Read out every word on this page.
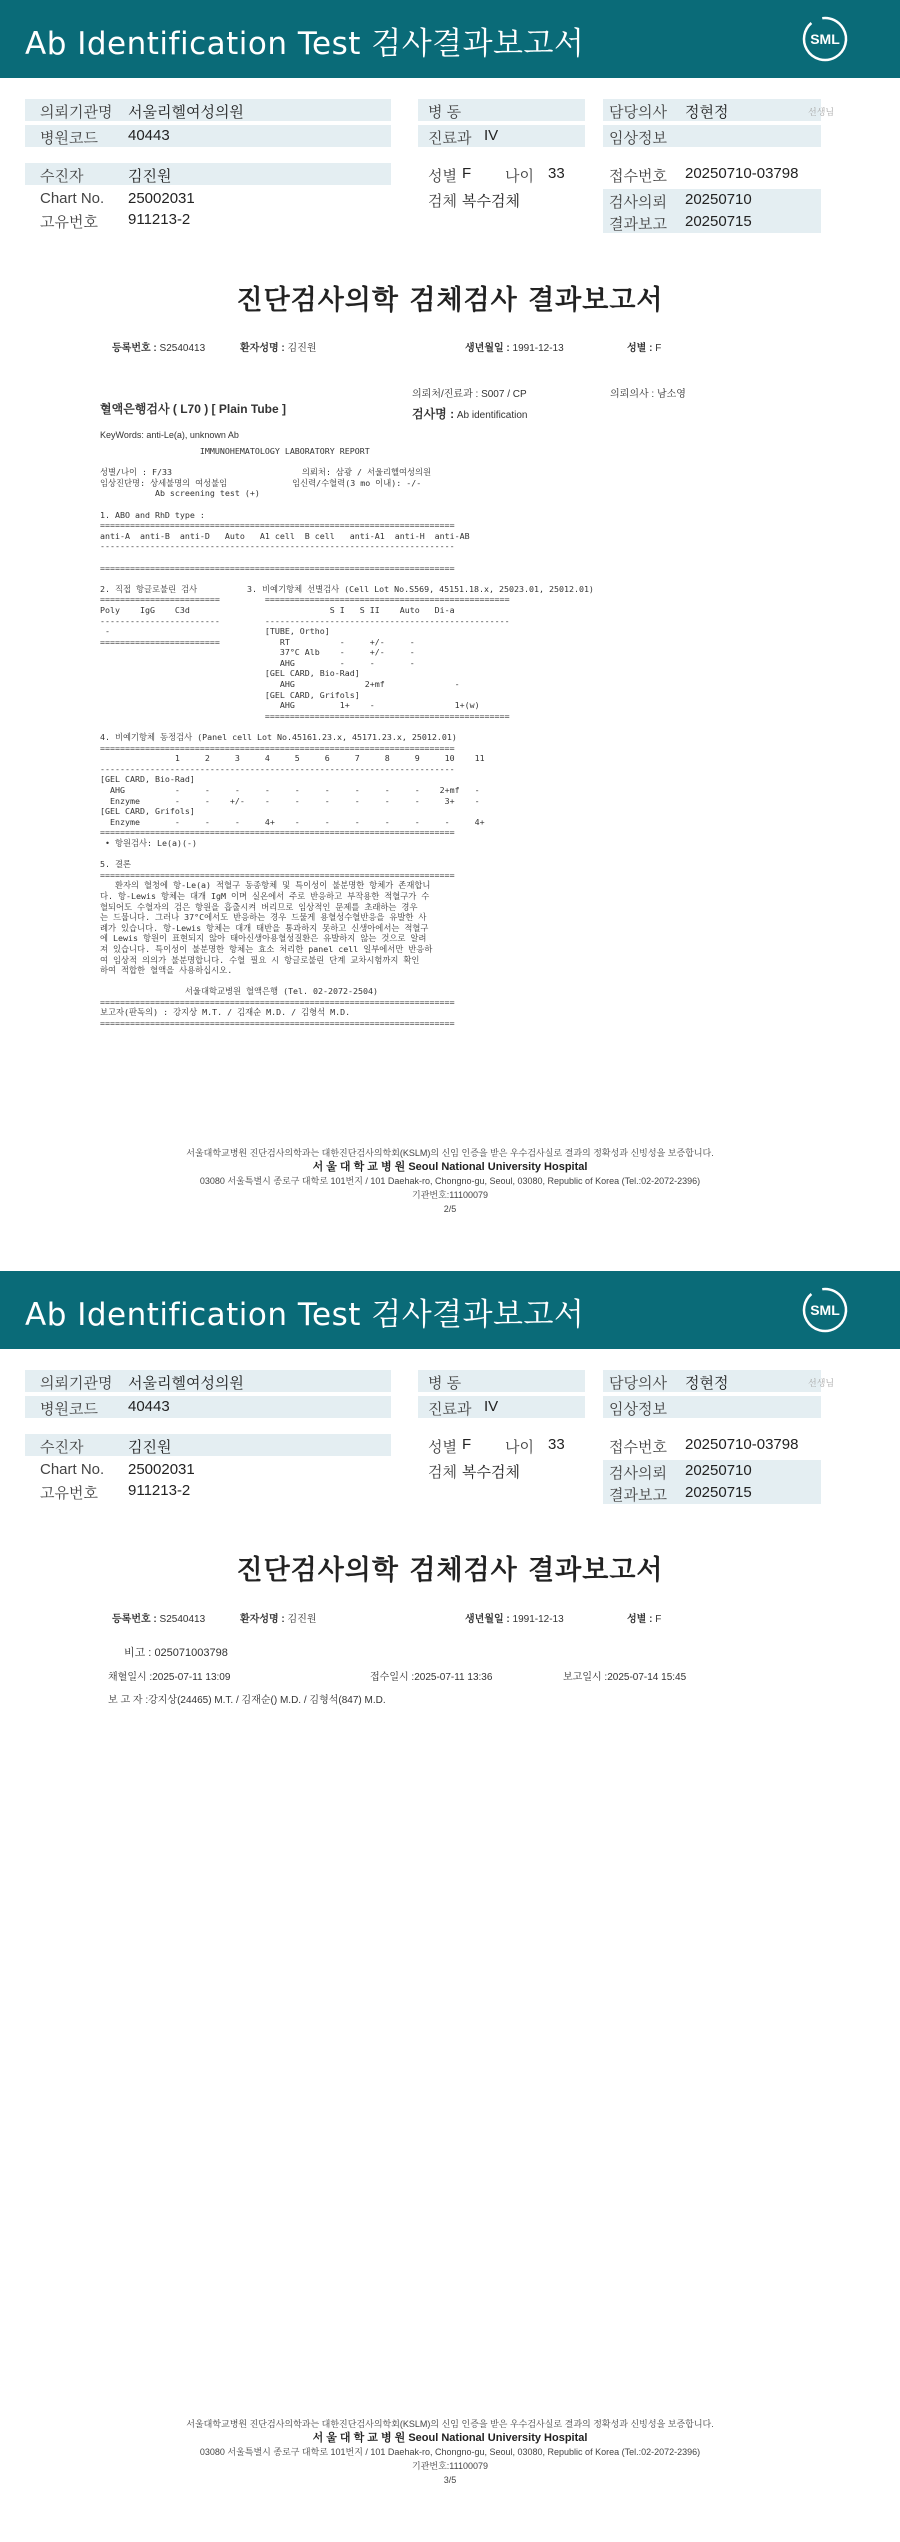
Ab Identification Test 검사결과보고서	SML
의뢰기관명 서울리헬여성의원
병원코드 40443
병 동
진료과 IV
담당의사 정현정	선생님
임상정보
수진자	김진원
Chart No. 25002031
고유번호 911213-2
성별 F 나이 33
검체 복수검체
접수번호 20250710-03798
검사의뢰 20250710
결과보고 20250715
진단검사의학 검체검사 결과보고서
등록번호 : S2540413	환자성명 : 김진원	생년월일 : 1991-12-13	성별 : F
의뢰처/진료과 : S007 / CP	의뢰의사 : 남소영
혈액은행검사 ( L70 ) [ Plain Tube ]	검사명 : Ab identification
KeyWords: anti-Le(a), unknown Ab
IMMUNOHEMATOLOGY LABORATORY REPORT

성별/나이 : F/33                          의뢰처: 삼광 / 서울리헬여성의원
임상진단명: 상세불명의 여성불임             임신력/수혈력(3 mo 이내): -/-
Ab screening test (+)

1. ABO and RhD type :
=======================================================================
anti-A  anti-B  anti-D   Auto   A1 cell  B cell   anti-A1  anti-H  anti-AB
-----------------------------------------------------------------------

=======================================================================

2. 직접 항글로불린 검사          3. 비예기항체 선별검사 (Cell Lot No.S569, 45151.18.x, 25023.01, 25012.01)
========================         =================================================
Poly    IgG    C3d                            S I   S II    Auto   Di-a
------------------------         -------------------------------------------------
-                               [TUBE, Ortho]
========================            RT          -     +/-     -
37°C Alb    -     +/-     -
AHG         -     -       -
[GEL CARD, Bio-Rad]
AHG              2+mf              -
[GEL CARD, Grifols]
AHG         1+    -                1+(w)
=================================================

4. 비예기항체 동정검사 (Panel cell Lot No.45161.23.x, 45171.23.x, 25012.01)
=======================================================================
1     2     3     4     5     6     7     8     9     10    11
-----------------------------------------------------------------------
[GEL CARD, Bio-Rad]
AHG          -     -     -     -     -     -     -     -     -    2+mf   -
Enzyme       -     -    +/-    -     -     -     -     -     -     3+    -
[GEL CARD, Grifols]
Enzyme       -     -     -     4+    -     -     -     -     -     -     4+
=======================================================================
• 항원검사: Le(a)(-)

5. 결론
=======================================================================
환자의 혈청에 항-Le(a) 적혈구 동종항체 및 특이성이 불분명한 항체가 존재합니
다. 항-Lewis 항체는 대개 IgM 이며 실온에서 주로 반응하고 부작용한 적혈구가 수
혈되어도 수혈자의 검은 항원을 흡출시켜 버리므로 임상적인 문제를 초래하는 경우
는 드뭅니다. 그러나 37°C에서도 반응하는 경우 드물게 용혈성수혈반응을 유발한 사
례가 있습니다. 항-Lewis 항체는 대개 태반을 통과하지 못하고 신생아에서는 적혈구
에 Lewis 항원이 표현되지 않아 태아신생아용혈성질환은 유발하지 않는 것으로 알려
져 있습니다. 특이성이 불분명한 항체는 효소 처리한 panel cell 일부에서만 반응하
여 임상적 의의가 불분명합니다. 수혈 필요 시 항글로불린 단계 교차시험까지 확인
하여 적합한 혈액을 사용하십시오.

서울대학교병원 혈액은행 (Tel. 02-2072-2504)
=======================================================================
보고자(판독의) : 강지상 M.T. / 김재순 M.D. / 김형석 M.D.
=======================================================================
서울대학교병원 진단검사의학과는 대한진단검사의학회(KSLM)의 신임 인증을 받은 우수검사실로 결과의 정확성과 신빙성을 보증합니다.
서 울 대 학 교 병 원 Seoul National University Hospital
03080 서울특별시 종로구 대학로 101번지 / 101 Daehak-ro, Chongno-gu, Seoul, 03080, Republic of Korea (Tel.:02-2072-2396)
기관번호:11100079
2/5
Ab Identification Test 검사결과보고서	SML
의뢰기관명 서울리헬여성의원
병원코드 40443
병 동
진료과 IV
담당의사 정현정	선생님
임상정보
수진자	김진원
Chart No. 25002031
고유번호 911213-2
성별 F 나이 33
검체 복수검체
접수번호 20250710-03798
검사의뢰 20250710
결과보고 20250715
진단검사의학 검체검사 결과보고서
등록번호 : S2540413	환자성명 : 김진원	생년월일 : 1991-12-13	성별 : F
비고 : 025071003798
채혈일시 :2025-07-11 13:09	접수일시 :2025-07-11 13:36	보고일시 :2025-07-14 15:45
보 고 자 :강지상(24465) M.T. / 김재순() M.D. / 김형석(847) M.D.
서울대학교병원 진단검사의학과는 대한진단검사의학회(KSLM)의 신임 인증을 받은 우수검사실로 결과의 정확성과 신빙성을 보증합니다.
서 울 대 학 교 병 원 Seoul National University Hospital
03080 서울특별시 종로구 대학로 101번지 / 101 Daehak-ro, Chongno-gu, Seoul, 03080, Republic of Korea (Tel.:02-2072-2396)
기관번호:11100079
3/5
